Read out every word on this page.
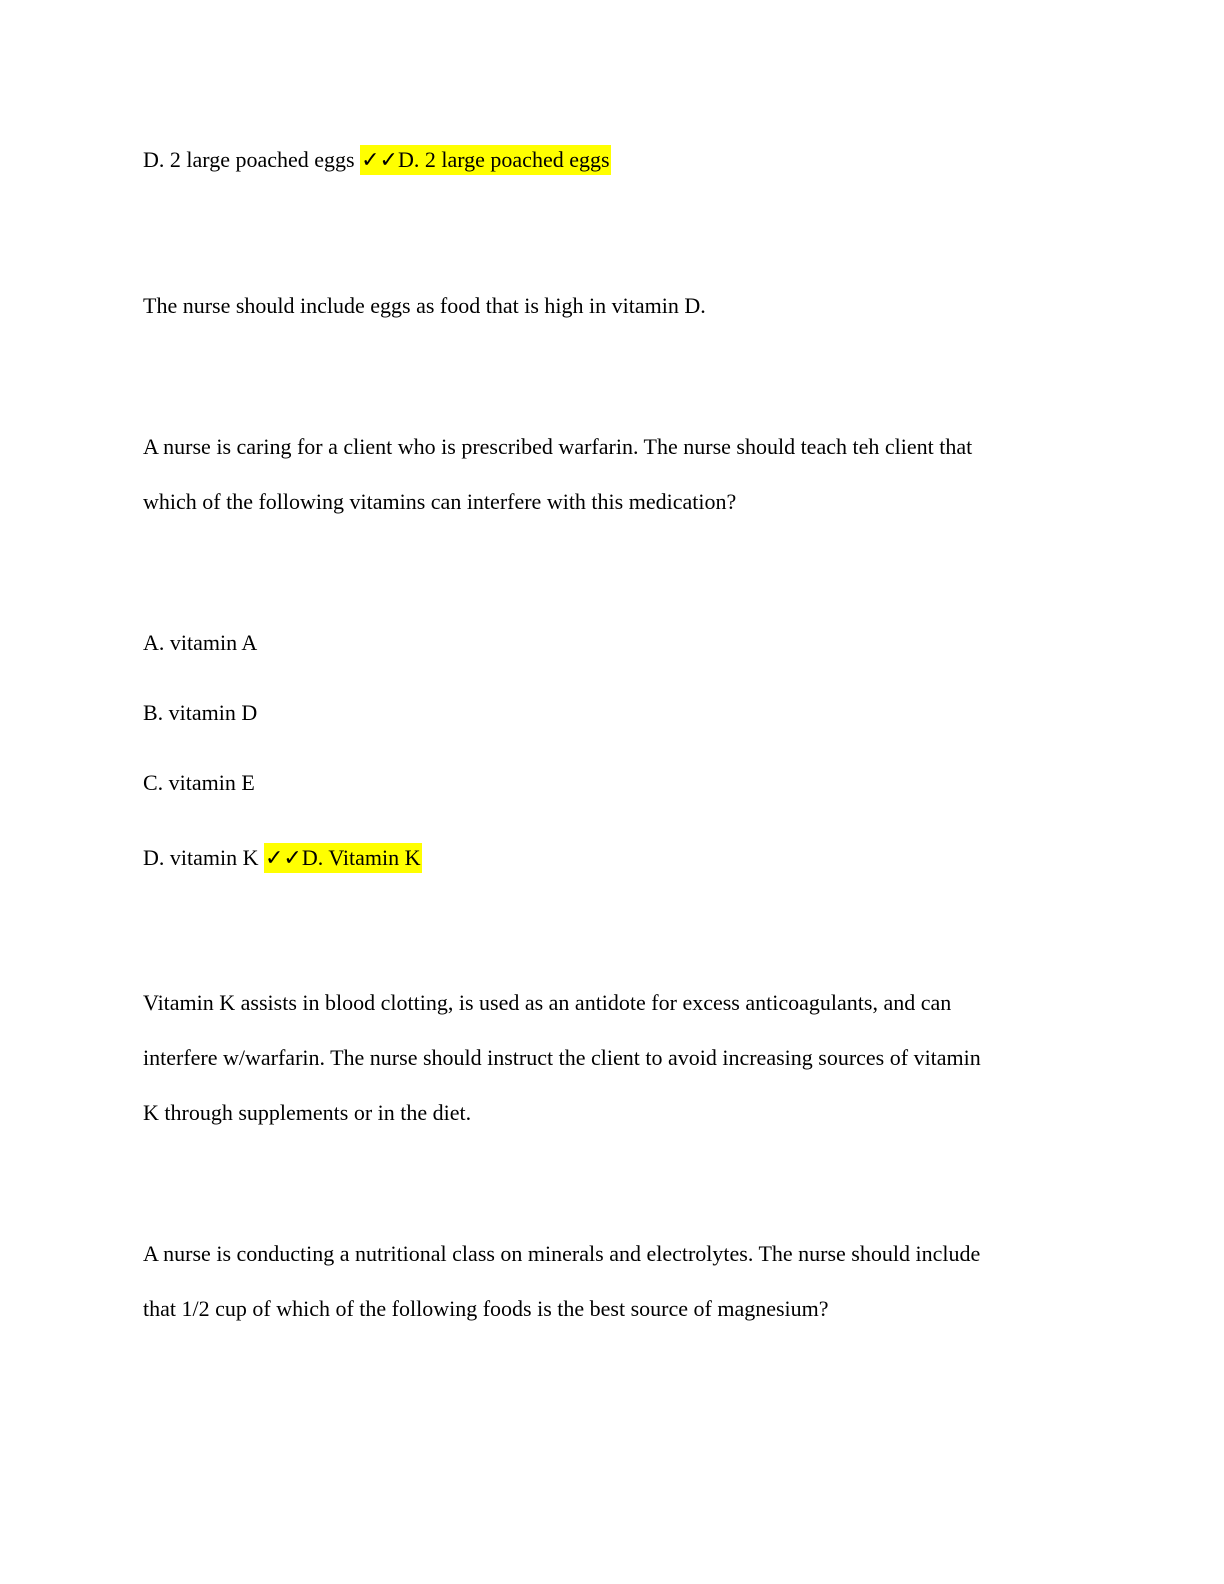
D. 2 large poached eggs ✓✓D. 2 large poached eggs
The nurse should include eggs as food that is high in vitamin D.
A nurse is caring for a client who is prescribed warfarin. The nurse should teach teh client that
which of the following vitamins can interfere with this medication?
A. vitamin A
B. vitamin D
C. vitamin E
D. vitamin K ✓✓D. Vitamin K
Vitamin K assists in blood clotting, is used as an antidote for excess anticoagulants, and can
interfere w/warfarin. The nurse should instruct the client to avoid increasing sources of vitamin
K through supplements or in the diet.
A nurse is conducting a nutritional class on minerals and electrolytes. The nurse should include
that 1/2 cup of which of the following foods is the best source of magnesium?
